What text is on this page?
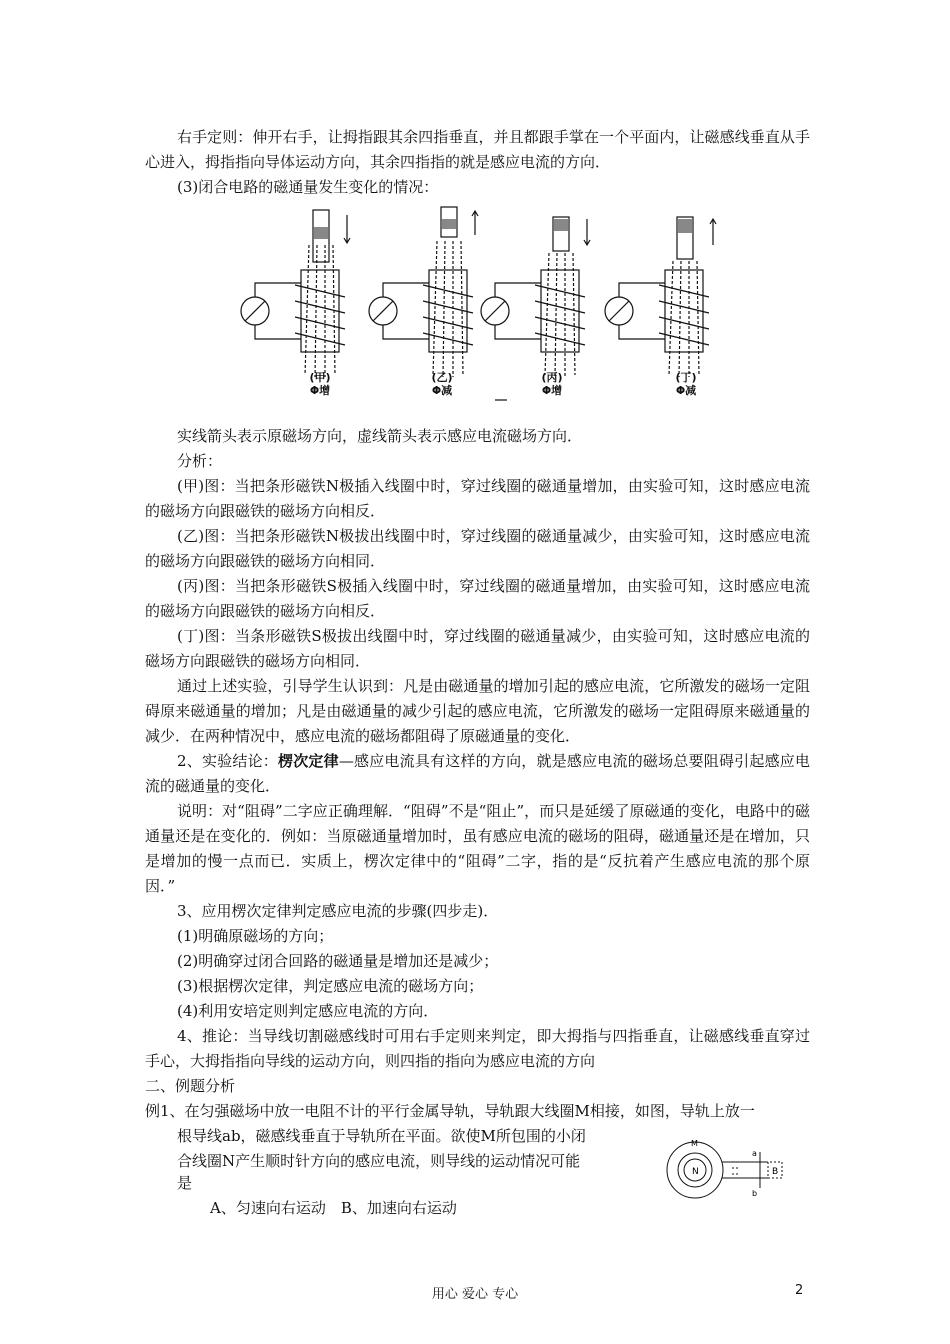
右手定则：伸开右手，让拇指跟其余四指垂直，并且都跟手掌在一个平面内，让磁感线垂直从手心进入，拇指指向导体运动方向，其余四指指的就是感应电流的方向．

(3)闭合电路的磁通量发生变化的情况：

(甲)
Φ增
(乙)
Φ减
(丙)
Φ增
(丁)
Φ减

实线箭头表示原磁场方向，虚线箭头表示感应电流磁场方向．

分析：

(甲)图：当把条形磁铁N极插入线圈中时，穿过线圈的磁通量增加，由实验可知，这时感应电流的磁场方向跟磁铁的磁场方向相反．

(乙)图：当把条形磁铁N极拔出线圈中时，穿过线圈的磁通量减少，由实验可知，这时感应电流的磁场方向跟磁铁的磁场方向相同．

(丙)图：当把条形磁铁S极插入线圈中时，穿过线圈的磁通量增加，由实验可知，这时感应电流的磁场方向跟磁铁的磁场方向相反．

(丁)图：当条形磁铁S极拔出线圈中时，穿过线圈的磁通量减少，由实验可知，这时感应电流的磁场方向跟磁铁的磁场方向相同．

通过上述实验，引导学生认识到：凡是由磁通量的增加引起的感应电流，它所激发的磁场一定阻碍原来磁通量的增加；凡是由磁通量的减少引起的感应电流，它所激发的磁场一定阻碍原来磁通量的减少．在两种情况中，感应电流的磁场都阻碍了原磁通量的变化．

2、实验结论：楞次定律—感应电流具有这样的方向，就是感应电流的磁场总要阻碍引起感应电流的磁通量的变化．

说明：对“阻碍”二字应正确理解．“阻碍”不是“阻止”，而只是延缓了原磁通的变化，电路中的磁通量还是在变化的．例如：当原磁通量增加时，虽有感应电流的磁场的阻碍，磁通量还是在增加，只是增加的慢一点而已．实质上，楞次定律中的“阻碍”二字，指的是“反抗着产生感应电流的那个原因．”

3、应用楞次定律判定感应电流的步骤(四步走)．

(1)明确原磁场的方向；

(2)明确穿过闭合回路的磁通量是增加还是减少；

(3)根据楞次定律，判定感应电流的磁场方向；

(4)利用安培定则判定感应电流的方向．

4、推论：当导线切割磁感线时可用右手定则来判定，即大拇指与四指垂直，让磁感线垂直穿过手心，大拇指指向导线的运动方向，则四指的指向为感应电流的方向

二、例题分析

例1、在匀强磁场中放一电阻不计的平行金属导轨，导轨跟大线圈M相接，如图，导轨上放一

根导线ab，磁感线垂直于导轨所在平面。欲使M所包围的小闭

合线圈N产生顺时针方向的感应电流，则导线的运动情况可能

是

A、匀速向右运动　B、加速向右运动

M
N
a
b
B
用心 爱心 专心	2
